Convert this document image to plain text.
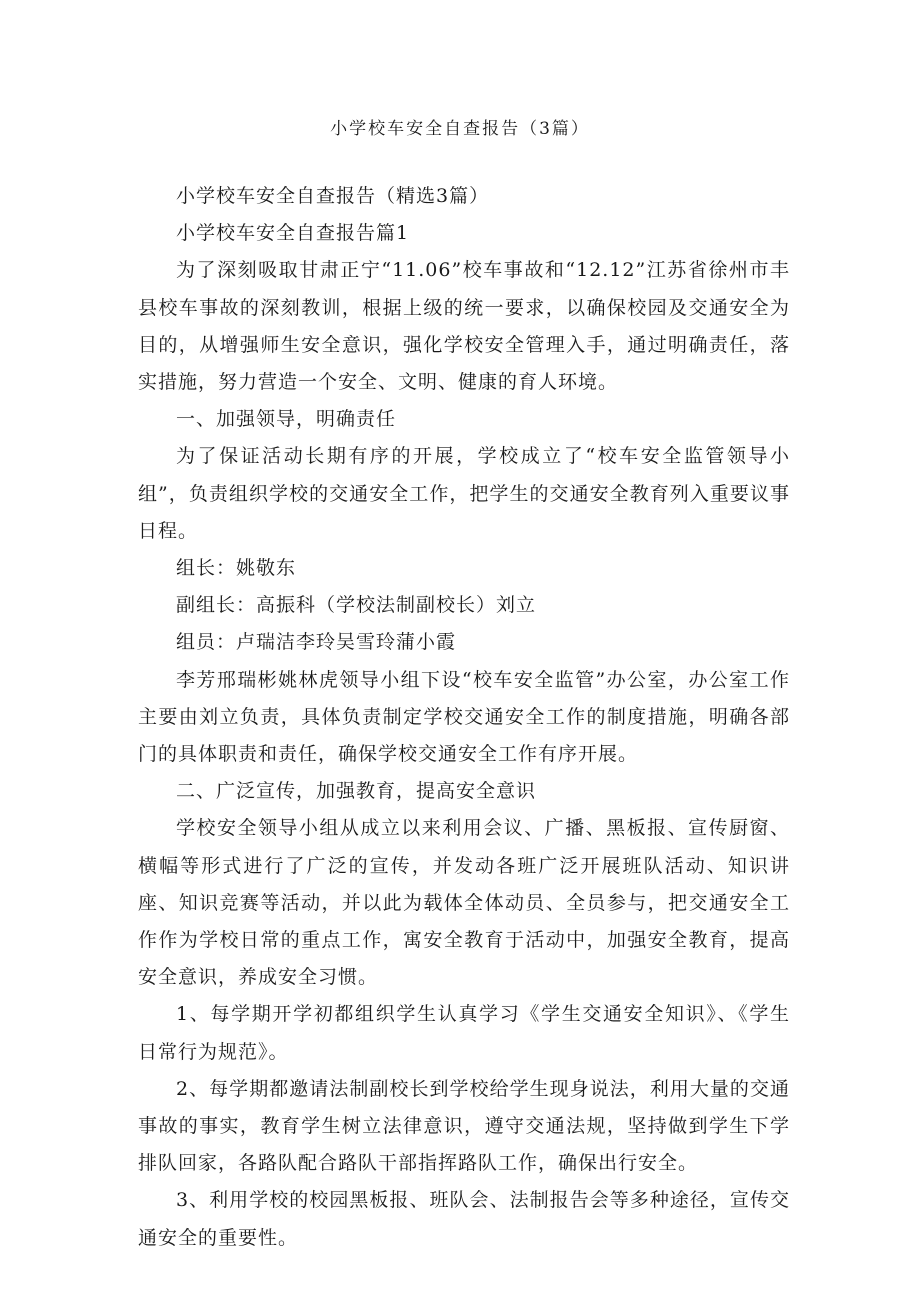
小学校车安全自查报告（3篇）

小学校车安全自查报告（精选3篇）

小学校车安全自查报告篇1

为了深刻吸取甘肃正宁“11.06”校车事故和“12.12”江苏省徐州市丰县校车事故的深刻教训，根据上级的统一要求，以确保校园及交通安全为目的，从增强师生安全意识，强化学校安全管理入手，通过明确责任，落实措施，努力营造一个安全、文明、健康的育人环境。

一、加强领导，明确责任

为了保证活动长期有序的开展，学校成立了“校车安全监管领导小组”，负责组织学校的交通安全工作，把学生的交通安全教育列入重要议事日程。

组长：姚敬东

副组长：高振科（学校法制副校长）刘立

组员：卢瑞洁李玲吴雪玲蒲小霞

李芳邢瑞彬姚林虎领导小组下设“校车安全监管”办公室，办公室工作主要由刘立负责，具体负责制定学校交通安全工作的制度措施，明确各部门的具体职责和责任，确保学校交通安全工作有序开展。

二、广泛宣传，加强教育，提高安全意识

学校安全领导小组从成立以来利用会议、广播、黑板报、宣传厨窗、横幅等形式进行了广泛的宣传，并发动各班广泛开展班队活动、知识讲座、知识竞赛等活动，并以此为载体全体动员、全员参与，把交通安全工作作为学校日常的重点工作，寓安全教育于活动中，加强安全教育，提高安全意识，养成安全习惯。

1、每学期开学初都组织学生认真学习《学生交通安全知识》、《学生日常行为规范》。

2、每学期都邀请法制副校长到学校给学生现身说法，利用大量的交通事故的事实，教育学生树立法律意识，遵守交通法规，坚持做到学生下学排队回家，各路队配合路队干部指挥路队工作，确保出行安全。

3、利用学校的校园黑板报、班队会、法制报告会等多种途径，宣传交通安全的重要性。
